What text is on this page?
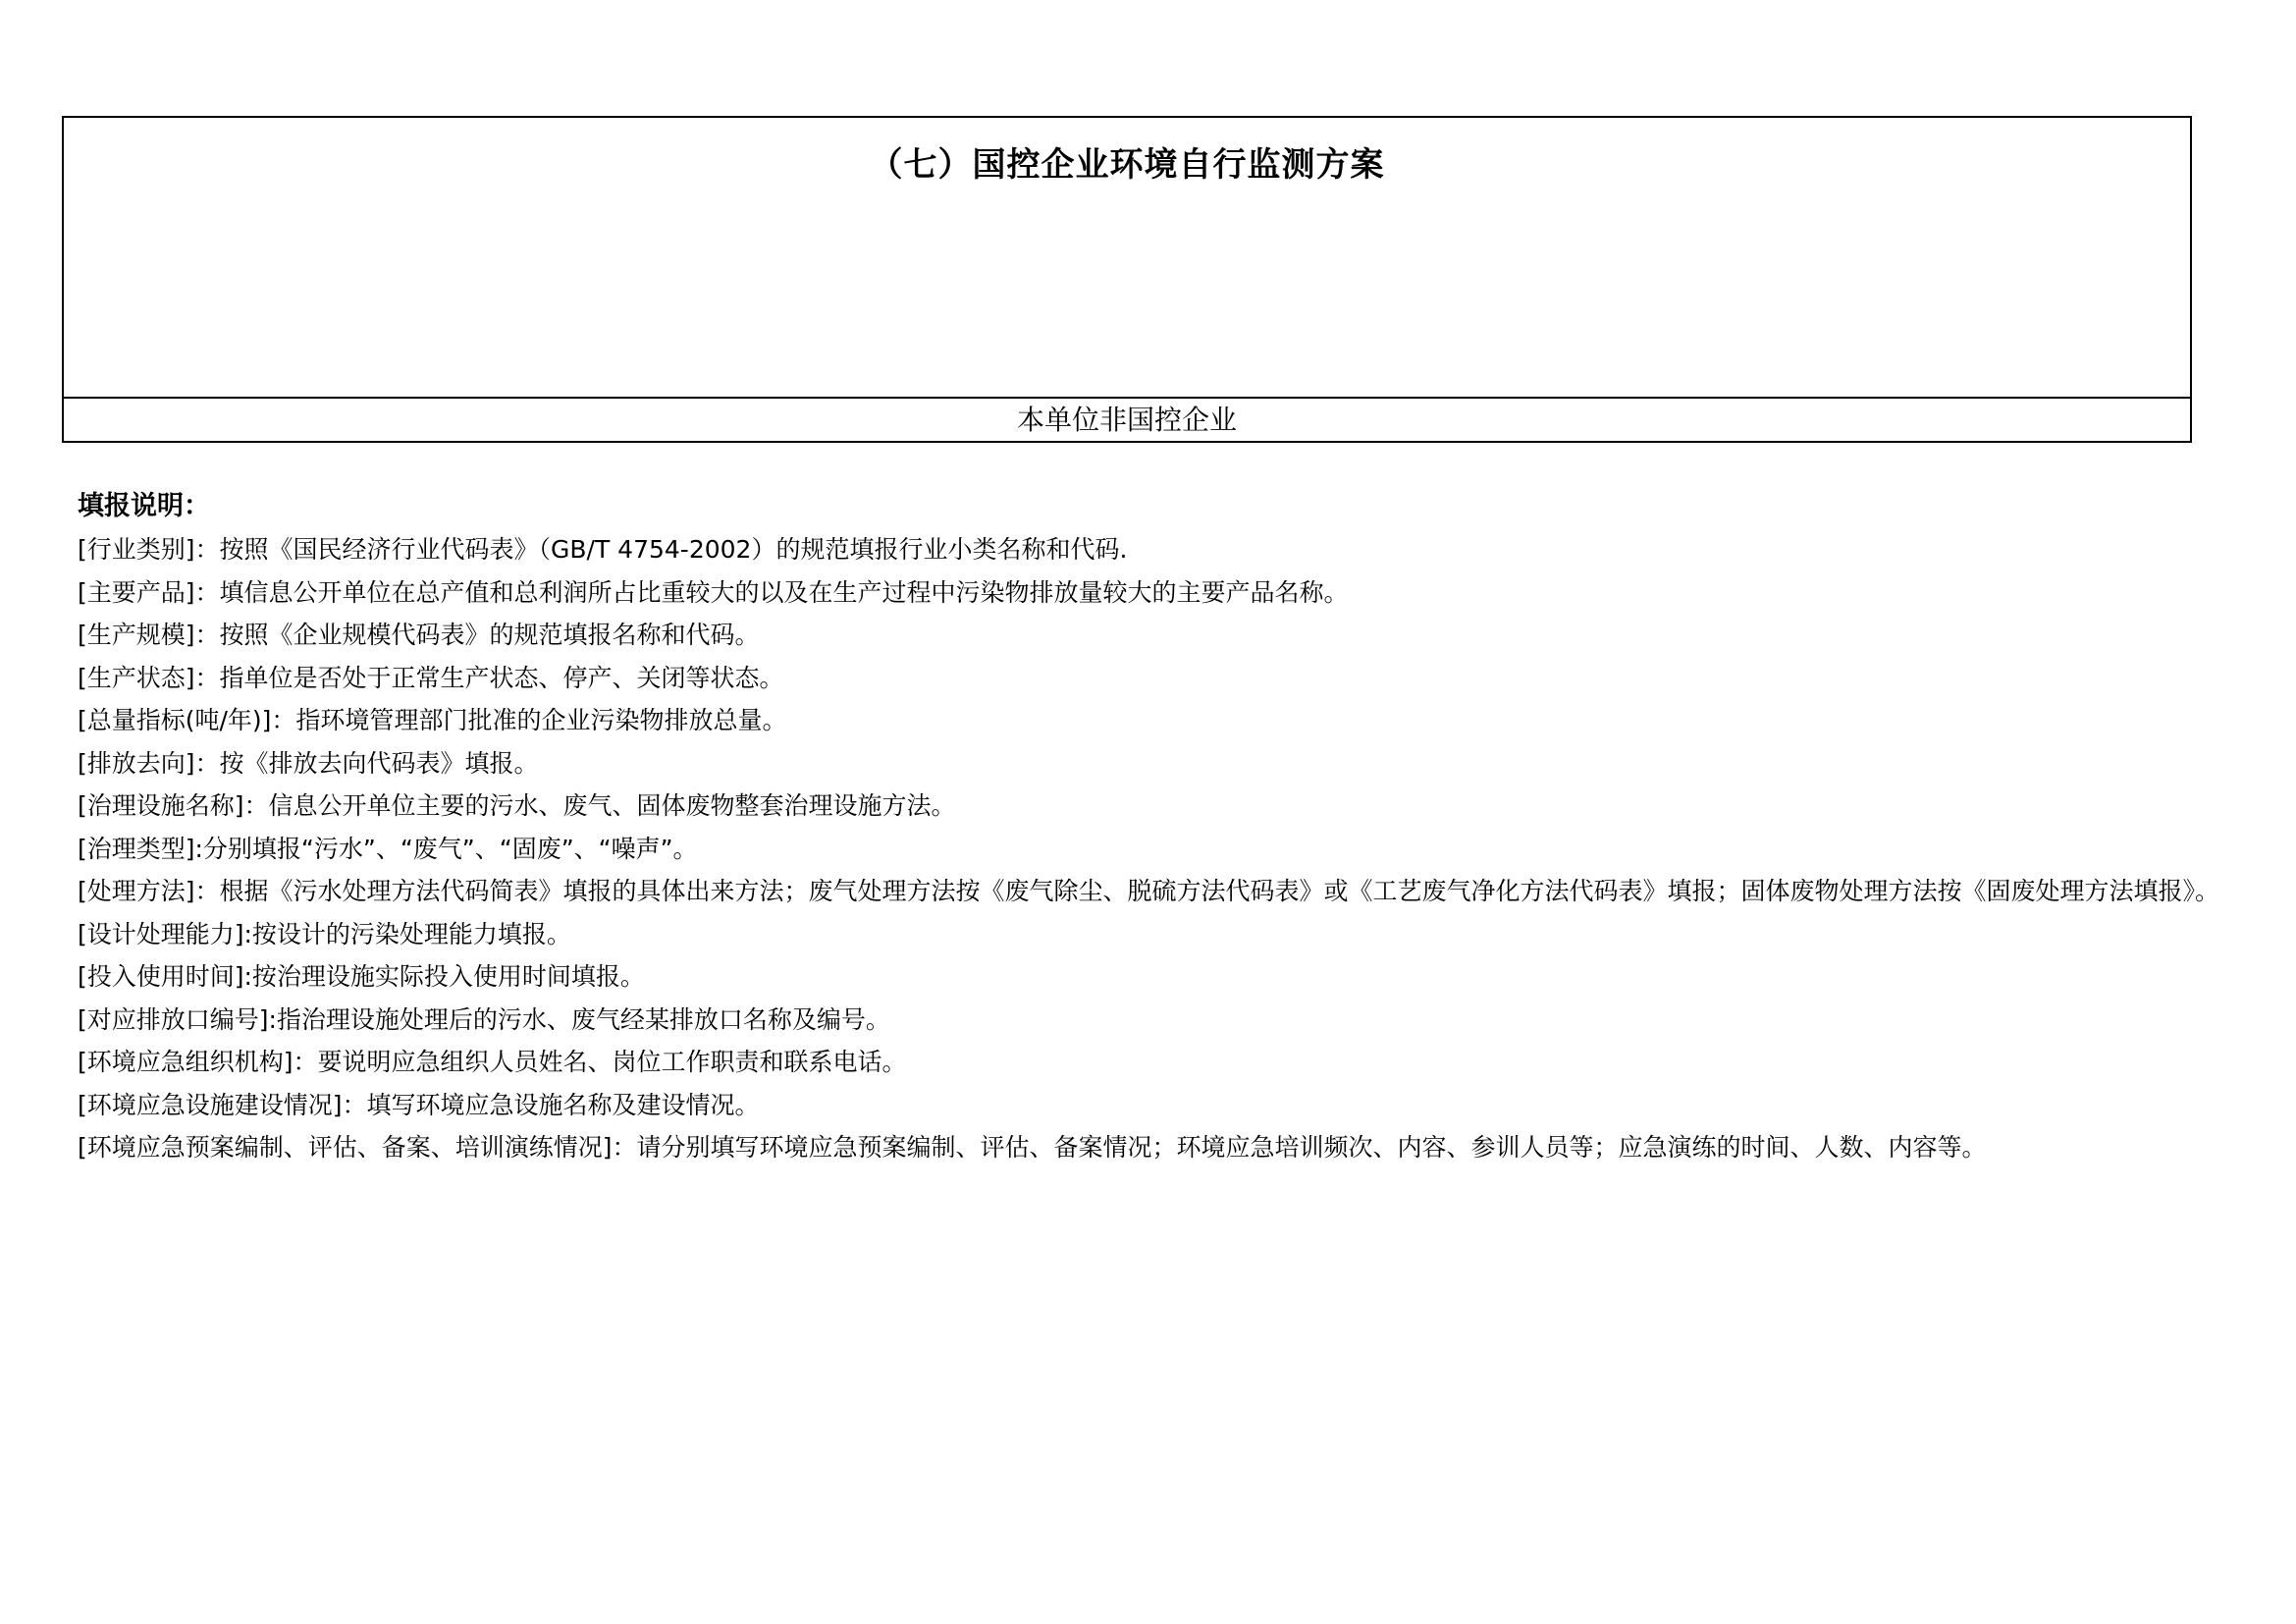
（七）国控企业环境自行监测方案
本单位非国控企业
填报说明：
[行业类别]：按照《国民经济行业代码表》（GB/T 4754-2002）的规范填报行业小类名称和代码.
[主要产品]：填信息公开单位在总产值和总利润所占比重较大的以及在生产过程中污染物排放量较大的主要产品名称。
[生产规模]：按照《企业规模代码表》的规范填报名称和代码。
[生产状态]：指单位是否处于正常生产状态、停产、关闭等状态。
[总量指标(吨/年)]：指环境管理部门批准的企业污染物排放总量。
[排放去向]：按《排放去向代码表》填报。
[治理设施名称]：信息公开单位主要的污水、废气、固体废物整套治理设施方法。
[治理类型]:分别填报“污水”、“废气”、“固废”、“噪声”。
[处理方法]：根据《污水处理方法代码简表》填报的具体出来方法；废气处理方法按《废气除尘、脱硫方法代码表》或《工艺废气净化方法代码表》填报；固体废物处理方法按《固废处理方法填报》。
[设计处理能力]:按设计的污染处理能力填报。
[投入使用时间]:按治理设施实际投入使用时间填报。
[对应排放口编号]:指治理设施处理后的污水、废气经某排放口名称及编号。
[环境应急组织机构]：要说明应急组织人员姓名、岗位工作职责和联系电话。
[环境应急设施建设情况]：填写环境应急设施名称及建设情况。
[环境应急预案编制、评估、备案、培训演练情况]：请分别填写环境应急预案编制、评估、备案情况；环境应急培训频次、内容、参训人员等；应急演练的时间、人数、内容等。
